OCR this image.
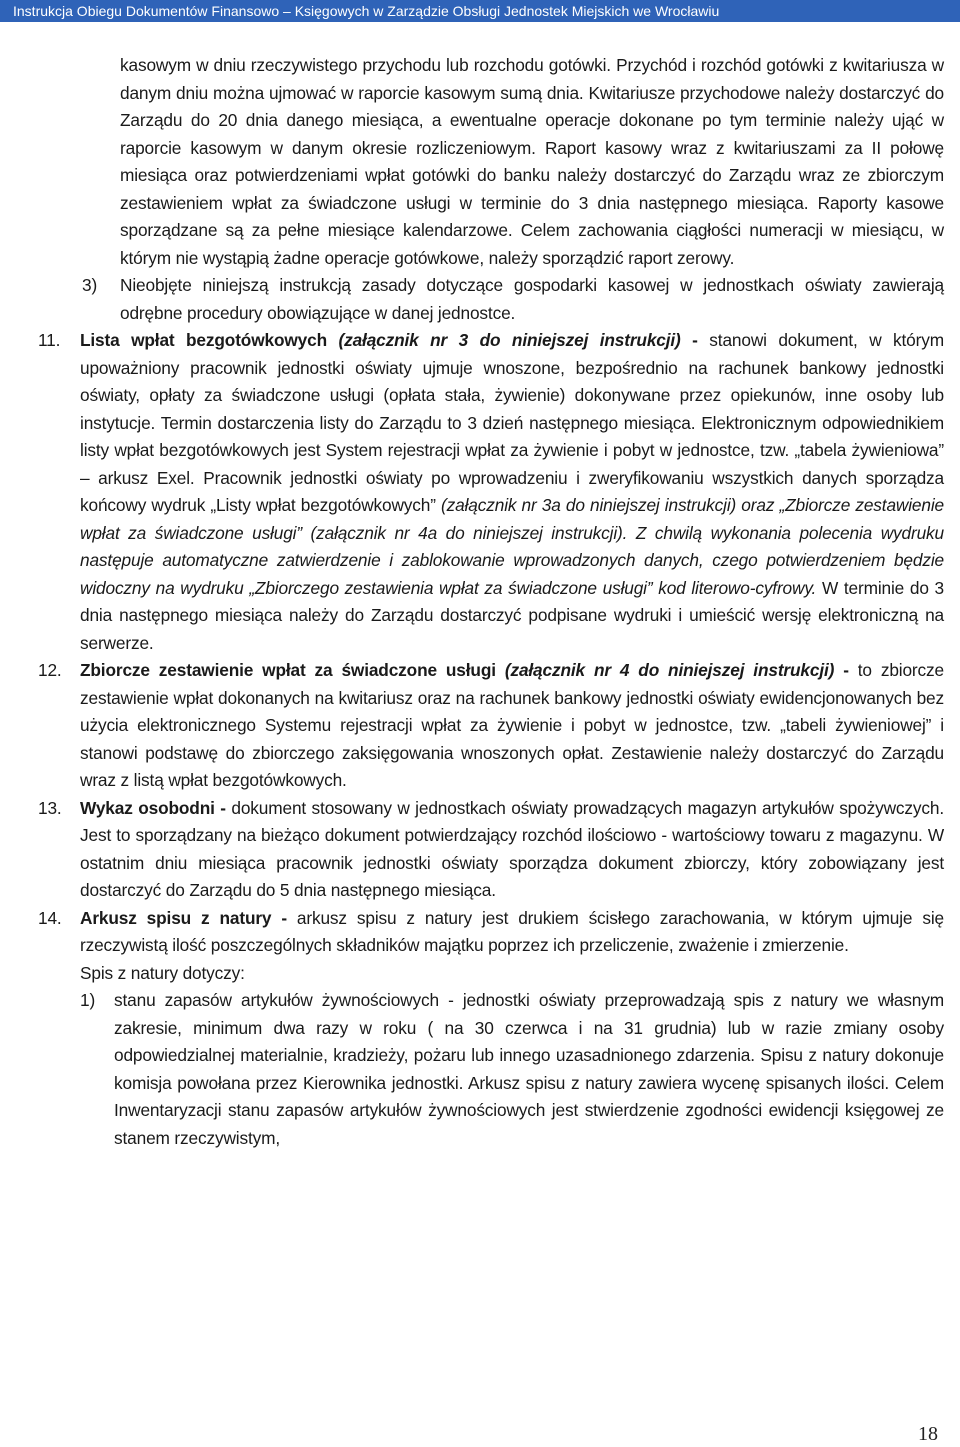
Instrukcja Obiegu Dokumentów Finansowo – Księgowych w Zarządzie Obsługi Jednostek Miejskich we Wrocławiu

kasowym w dniu rzeczywistego przychodu lub rozchodu gotówki. Przychód i rozchód gotówki z kwitariusza w danym dniu można ujmować w raporcie kasowym sumą dnia. Kwitariusze przychodowe należy dostarczyć do Zarządu do 20 dnia danego miesiąca, a ewentualne operacje dokonane po tym terminie należy ująć w raporcie kasowym w danym okresie rozliczeniowym. Raport kasowy wraz z kwitariuszami za II połowę miesiąca oraz potwierdzeniami wpłat gotówki do banku należy dostarczyć do Zarządu wraz ze zbiorczym zestawieniem wpłat za świadczone usługi w terminie do 3 dnia następnego miesiąca. Raporty kasowe sporządzane są za pełne miesiące kalendarzowe. Celem zachowania ciągłości numeracji w miesiącu, w którym nie wystąpią żadne operacje gotówkowe, należy sporządzić raport zerowy.

3)	Nieobjęte niniejszą instrukcją zasady dotyczące gospodarki kasowej w jednostkach oświaty zawierają odrębne procedury obowiązujące w danej jednostce.
11.	Lista wpłat bezgotówkowych (załącznik nr 3 do niniejszej instrukcji) - stanowi dokument, w którym upoważniony pracownik jednostki oświaty ujmuje wnoszone, bezpośrednio na rachunek bankowy jednostki oświaty, opłaty za świadczone usługi (opłata stała, żywienie) dokonywane przez opiekunów, inne osoby lub instytucje. Termin dostarczenia listy do Zarządu to 3 dzień następnego miesiąca. Elektronicznym odpowiednikiem listy wpłat bezgotówkowych jest System rejestracji wpłat za żywienie i pobyt w jednostce, tzw. „tabela żywieniowa” – arkusz Exel. Pracownik jednostki oświaty po wprowadzeniu i zweryfikowaniu wszystkich danych sporządza końcowy wydruk „Listy wpłat bezgotówkowych” (załącznik nr 3a do niniejszej instrukcji) oraz „Zbiorcze zestawienie wpłat za świadczone usługi” (załącznik nr 4a do niniejszej instrukcji). Z chwilą wykonania polecenia wydruku następuje automatyczne zatwierdzenie i zablokowanie wprowadzonych danych, czego potwierdzeniem będzie widoczny na wydruku „Zbiorczego zestawienia wpłat za świadczone usługi” kod literowo-cyfrowy. W terminie do 3 dnia następnego miesiąca należy do Zarządu dostarczyć podpisane wydruki i umieścić wersję elektroniczną na serwerze.
12.	Zbiorcze zestawienie wpłat za świadczone usługi (załącznik nr 4 do niniejszej instrukcji) - to zbiorcze zestawienie wpłat dokonanych na kwitariusz oraz na rachunek bankowy jednostki oświaty ewidencjonowanych bez użycia elektronicznego Systemu rejestracji wpłat za żywienie i pobyt w jednostce, tzw. „tabeli żywieniowej” i stanowi podstawę do zbiorczego zaksięgowania wnoszonych opłat. Zestawienie należy dostarczyć do Zarządu wraz z listą wpłat bezgotówkowych.
13.	Wykaz osobodni - dokument stosowany w jednostkach oświaty prowadzących magazyn artykułów spożywczych. Jest to sporządzany na bieżąco dokument potwierdzający rozchód ilościowo - wartościowy towaru z magazynu. W ostatnim dniu miesiąca pracownik jednostki oświaty sporządza dokument zbiorczy, który zobowiązany jest dostarczyć do Zarządu do 5 dnia następnego miesiąca.
14.	Arkusz spisu z natury - arkusz spisu z natury jest drukiem ścisłego zarachowania, w którym ujmuje się rzeczywistą ilość poszczególnych składników majątku poprzez ich przeliczenie, zważenie i zmierzenie.

Spis z natury dotyczy:

1)	stanu zapasów artykułów żywnościowych - jednostki oświaty przeprowadzają spis z natury we własnym zakresie, minimum dwa razy w roku ( na 30 czerwca i na 31 grudnia) lub w razie zmiany osoby odpowiedzialnej materialnie, kradzieży, pożaru lub innego uzasadnionego zdarzenia. Spisu z natury dokonuje komisja powołana przez Kierownika jednostki. Arkusz spisu z natury zawiera wycenę spisanych ilości. Celem Inwentaryzacji stanu zapasów artykułów żywnościowych jest stwierdzenie zgodności ewidencji księgowej ze stanem rzeczywistym,
18
